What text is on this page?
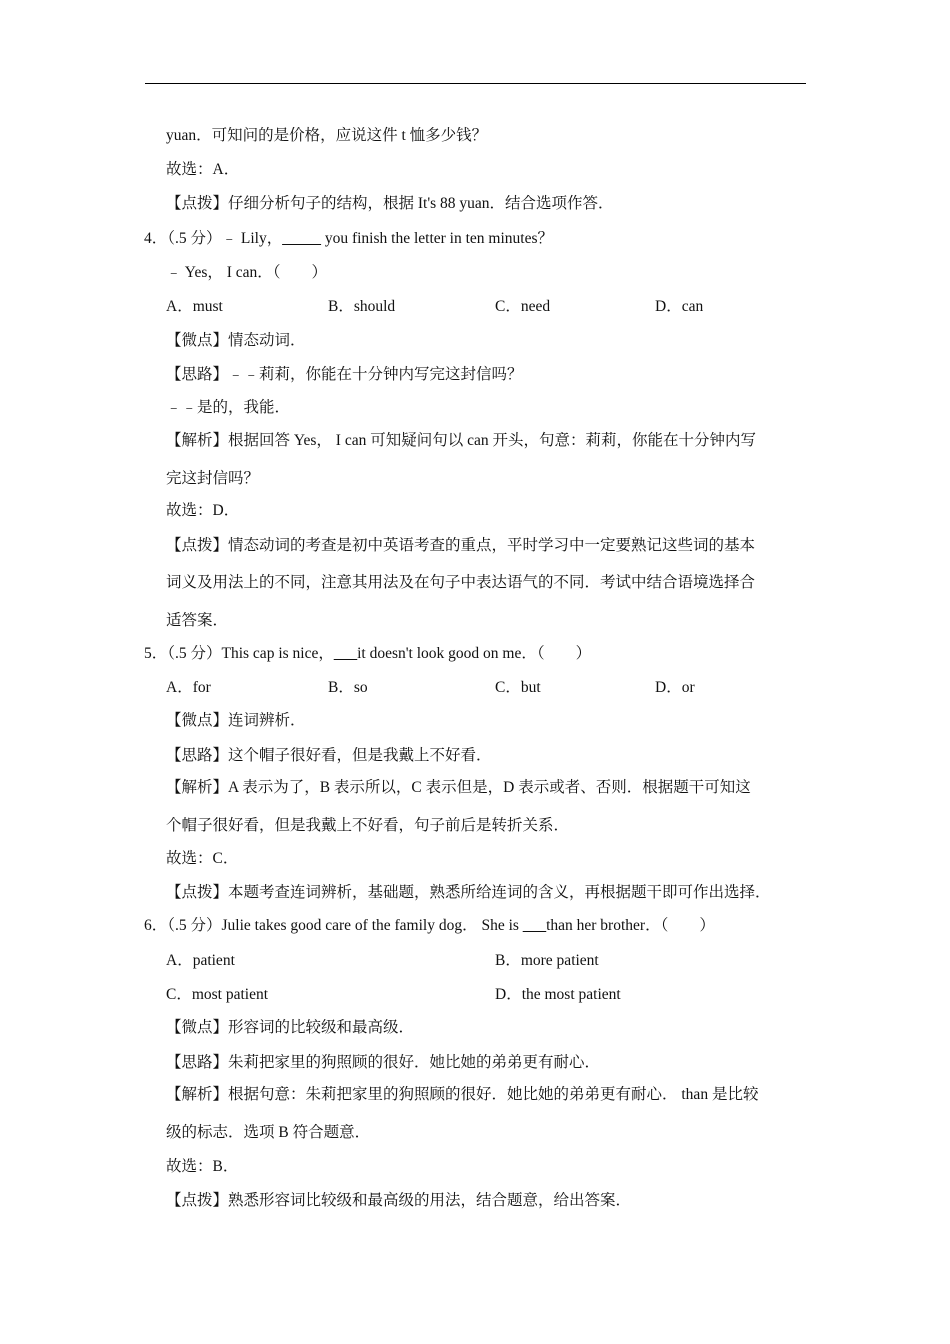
yuan．可知问的是价格，应说这件 t 恤多少钱？
故选：A．
【点拨】仔细分析句子的结构，根据 It's 88 yuan．结合选项作答．
4．（.5 分）﹣ Lily，_____ you finish the letter in ten minutes？
﹣ Yes， I can．（　　）
A．must	B．should	C．need	D．can
【微点】情态动词．
【思路】﹣﹣莉莉，你能在十分钟内写完这封信吗？
﹣﹣是的，我能．
【解析】根据回答 Yes， I can 可知疑问句以 can 开头，句意：莉莉，你能在十分钟内写
完这封信吗？
故选：D．
【点拨】情态动词的考查是初中英语考查的重点，平时学习中一定要熟记这些词的基本
词义及用法上的不同，注意其用法及在句子中表达语气的不同．考试中结合语境选择合
适答案．
5．（.5 分）This cap is nice，___it doesn't look good on me．（　　）
A．for	B．so	C．but	D．or
【微点】连词辨析．
【思路】这个帽子很好看，但是我戴上不好看．
【解析】A 表示为了，B 表示所以，C 表示但是，D 表示或者、否则．根据题干可知这
个帽子很好看，但是我戴上不好看，句子前后是转折关系．
故选：C．
【点拨】本题考查连词辨析，基础题，熟悉所给连词的含义，再根据题干即可作出选择．
6．（.5 分）Julie takes good care of the family dog． She is ___than her brother．（　　）
A．patient	B．more patient
C．most patient	D．the most patient
【微点】形容词的比较级和最高级．
【思路】朱莉把家里的狗照顾的很好．她比她的弟弟更有耐心．
【解析】根据句意：朱莉把家里的狗照顾的很好．她比她的弟弟更有耐心． than 是比较
级的标志．选项 B 符合题意．
故选：B．
【点拨】熟悉形容词比较级和最高级的用法，结合题意，给出答案．
